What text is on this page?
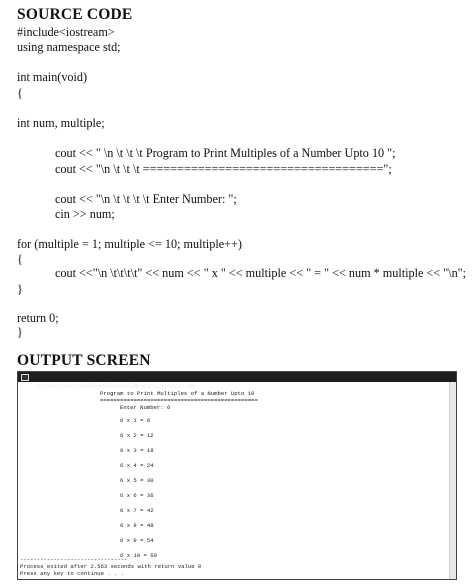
SOURCE CODE
#include<iostream>
using namespace std;
int main(void)
{
int num, multiple;
cout << " \n \t \t \t Program to Print Multiples of a Number Upto 10 ";
cout << "\n \t \t \t ===================================";
cout << "\n \t \t \t \t Enter Number: ";
cin >> num;
for (multiple = 1; multiple <= 10; multiple++)
{
cout <<"\n \t\t\t\t" << num << " x " << multiple << " = " << num * multiple << "\n";
}
return 0;
}
OUTPUT SCREEN

C:\Users\nicky\OneDrive\Desktop\10th practical file\p10.exe

Program to Print Multiples of a Number Upto 10
===============================================
Enter Number: 6
6 x 1 = 6
6 x 2 = 12
6 x 3 = 18
6 x 4 = 24
6 x 5 = 30
6 x 6 = 36
6 x 7 = 42
6 x 8 = 48
6 x 9 = 54
6 x 10 = 60
--------------------------------
Process exited after 2.563 seconds with return value 0
Press any key to continue . . .
